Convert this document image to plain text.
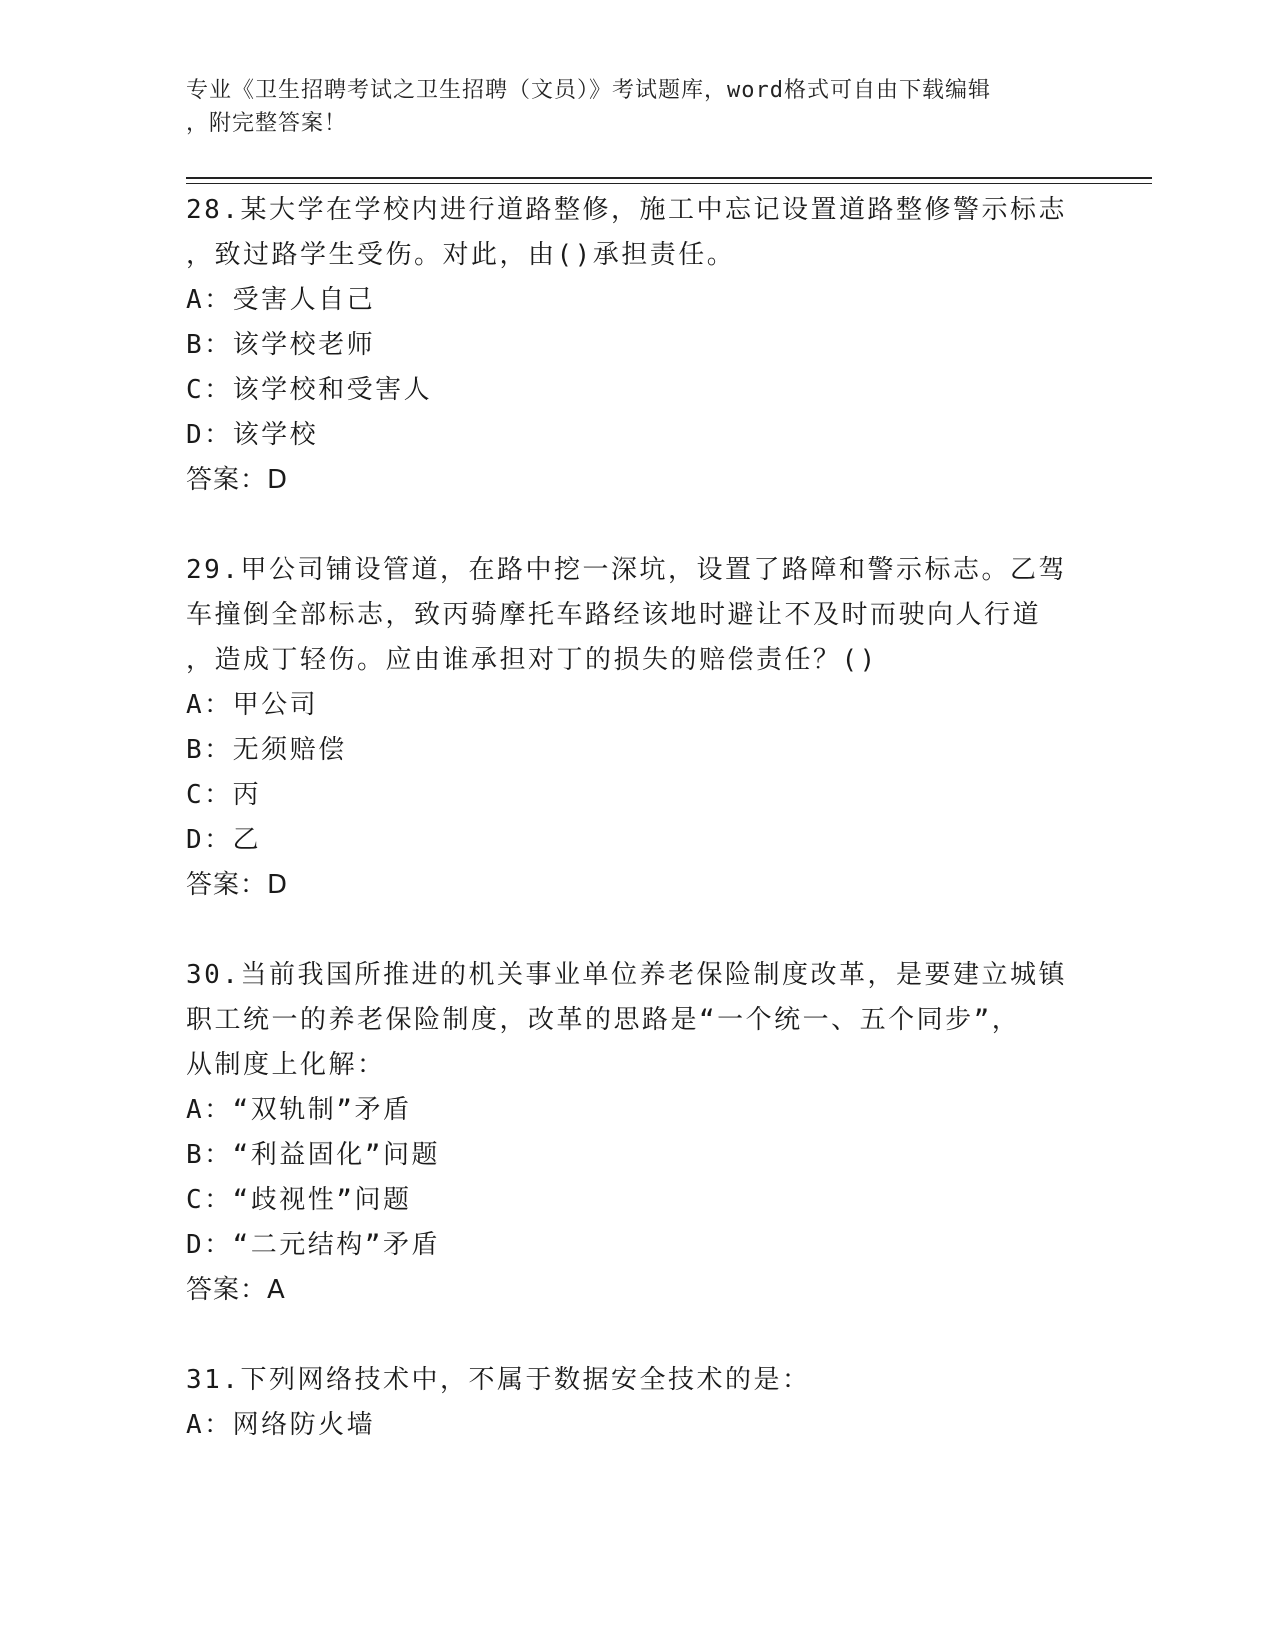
专业《卫生招聘考试之卫生招聘（文员）》考试题库，word格式可自由下载编辑
，附完整答案！
28.某大学在学校内进行道路整修，施工中忘记设置道路整修警示标志
，致过路学生受伤。对此，由()承担责任。
A：受害人自己
B：该学校老师
C：该学校和受害人
D：该学校
答案：D
29.甲公司铺设管道，在路中挖一深坑，设置了路障和警示标志。乙驾
车撞倒全部标志，致丙骑摩托车路经该地时避让不及时而驶向人行道
，造成丁轻伤。应由谁承担对丁的损失的赔偿责任？()
A：甲公司
B：无须赔偿
C：丙
D：乙
答案：D
30.当前我国所推进的机关事业单位养老保险制度改革，是要建立城镇
职工统一的养老保险制度，改革的思路是“一个统一、五个同步”，
从制度上化解：
A：“双轨制”矛盾
B：“利益固化”问题
C：“歧视性”问题
D：“二元结构”矛盾
答案：A
31.下列网络技术中，不属于数据安全技术的是：
A：网络防火墙
